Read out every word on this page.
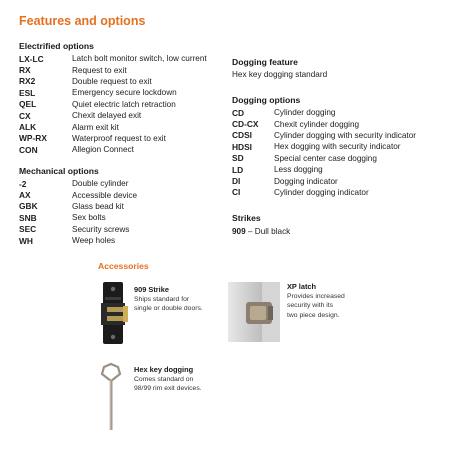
Features and options
Electrified options
LX-LC	Latch bolt monitor switch, low current
RX	Request to exit
RX2	Double request to exit
ESL	Emergency secure lockdown
QEL	Quiet electric latch retraction
CX	Chexit delayed exit
ALK	Alarm exit kit
WP-RX	Waterproof request to exit
CON	Allegion Connect
Mechanical options
-2	Double cylinder
AX	Accessible device
GBK	Glass bead kit
SNB	Sex bolts
SEC	Security screws
WH	Weep holes
Dogging feature
Hex key dogging standard
Dogging options
CD	Cylinder dogging
CD-CX	Chexit cylinder dogging
CDSI	Cylinder dogging with security indicator
HDSI	Hex dogging with security indicator
SD	Special center case dogging
LD	Less dogging
DI	Dogging indicator
CI	Cylinder dogging indicator
Strikes
909 – Dull black
Accessories
909 Strike
Ships standard for
single or double doors.
XP latch
Provides increased
security with its
two piece design.
Hex key dogging
Comes standard on
98/99 rim exit devices.
